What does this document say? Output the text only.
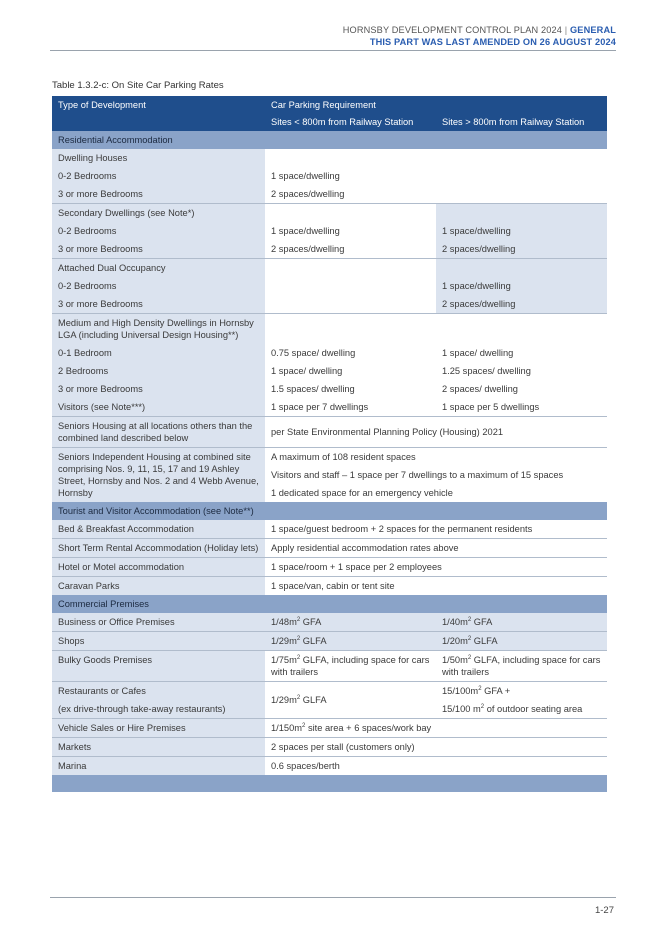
HORNSBY DEVELOPMENT CONTROL PLAN 2024 | GENERAL
THIS PART WAS LAST AMENDED ON 26 AUGUST 2024
Table 1.3.2-c: On Site Car Parking Rates
Type of Development	Car Parking Requirement	
	Sites < 800m from Railway Station	Sites > 800m from Railway Station
Residential Accommodation		
Dwelling Houses		
0-2 Bedrooms	1 space/dwelling	
3 or more Bedrooms	2 spaces/dwelling	
Secondary Dwellings (see Note*)		
0-2 Bedrooms	1 space/dwelling	1 space/dwelling
3 or more Bedrooms	2 spaces/dwelling	2 spaces/dwelling
Attached Dual Occupancy		
0-2 Bedrooms		1 space/dwelling
3 or more Bedrooms		2 spaces/dwelling
Medium and High Density Dwellings in Hornsby LGA (including Universal Design Housing**)		
0-1 Bedroom	0.75 space/ dwelling	1 space/ dwelling
2 Bedrooms	1 space/ dwelling	1.25 spaces/ dwelling
3 or more Bedrooms	1.5 spaces/ dwelling	2 spaces/ dwelling
Visitors (see Note***)	1 space per 7 dwellings	1 space per 5 dwellings
Seniors Housing at all locations others than the combined land described below	per State Environmental Planning Policy (Housing) 2021	
Seniors Independent Housing at combined site comprising Nos. 9, 11, 15, 17 and 19 Ashley Street, Hornsby and Nos. 2 and 4 Webb Avenue, Hornsby	A maximum of 108 resident spaces	
	Visitors and staff – 1 space per 7 dwellings to a maximum of 15 spaces	
	1 dedicated space for an emergency vehicle	
Tourist and Visitor Accommodation (see Note**)		
Bed & Breakfast Accommodation	1 space/guest bedroom + 2 spaces for the permanent residents	
Short Term Rental Accommodation (Holiday lets)	Apply residential accommodation rates above	
Hotel or Motel accommodation	1 space/room + 1 space per 2 employees	
Caravan Parks	1 space/van, cabin or tent site	
Commercial Premises		
Business or Office Premises	$1/48m^2$ GFA	$1/40m^2$ GFA
Shops	$1/29m^2$ GLFA	$1/20m^2$ GLFA
Bulky Goods Premises	$1/75m^2$ GLFA, including space for cars with trailers	$1/50m^2$ GLFA, including space for cars with trailers
Restaurants or Cafes	$1/29m^2$ GLFA	$15/100m^2$ GFA +
(ex drive-through take-away restaurants)		15/100 $m^2$ of outdoor seating area
Vehicle Sales or Hire Premises	$1/150m^2$ site area + 6 spaces/work bay	
Markets	2 spaces per stall (customers only)	
Marina	0.6 spaces/berth	

1-27
